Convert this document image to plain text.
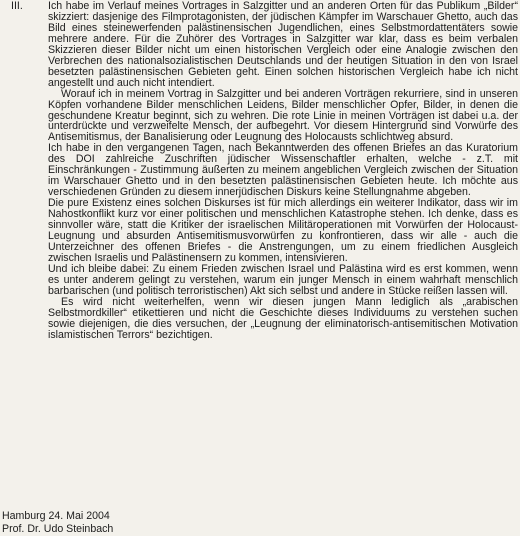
III. Ich habe im Verlauf meines Vortrages in Salzgitter und an anderen Orten für das Publikum „Bilder“ skizziert: dasjenige des Filmprotagonisten, der jüdischen Kämpfer im Warschauer Ghetto, auch das Bild eines steinewerfenden palästinensischen Jugendlichen, eines Selbstmordattentäters sowie mehrere andere. Für die Zuhörer des Vortrages in Salzgitter war klar, dass es beim verbalen Skizzieren dieser Bilder nicht um einen historischen Vergleich oder eine Analogie zwischen den Verbrechen des nationalsozialistischen Deutschlands und der heutigen Situation in den von Israel besetzten palästinensischen Gebieten geht. Einen solchen historischen Vergleich habe ich nicht angestellt und auch nicht intendiert.

Worauf ich in meinem Vortrag in Salzgitter und bei anderen Vorträgen rekurriere, sind in unseren Köpfen vorhandene Bilder menschlichen Leidens, Bilder menschlicher Opfer, Bilder, in denen die geschundene Kreatur beginnt, sich zu wehren. Die rote Linie in meinen Vorträgen ist dabei u.a. der unterdrückte und verzweifelte Mensch, der aufbegehrt. Vor diesem Hintergrund sind Vorwürfe des Antisemitismus, der Banalisierung oder Leugnung des Holocausts schlichtweg absurd.

Ich habe in den vergangenen Tagen, nach Bekanntwerden des offenen Briefes an das Kuratorium des DOI zahlreiche Zuschriften jüdischer Wissenschaftler erhalten, welche - z.T. mit Einschränkungen - Zustimmung äußerten zu meinem angeblichen Vergleich zwischen der Situation im Warschauer Ghetto und in den besetzten palästinensischen Gebieten heute. Ich möchte aus verschiedenen Gründen zu diesem innerjüdischen Diskurs keine Stellungnahme abgeben.

Die pure Existenz eines solchen Diskurses ist für mich allerdings ein weiterer Indikator, dass wir im Nahostkonflikt kurz vor einer politischen und menschlichen Katastrophe stehen. Ich denke, dass es sinnvoller wäre, statt die Kritiker der israelischen Militäroperationen mit Vorwürfen der Holocaust-Leugnung und absurden Antisemitismusvorwürfen zu konfrontieren, dass wir alle - auch die Unterzeichner des offenen Briefes - die Anstrengungen, um zu einem friedlichen Ausgleich zwischen Israelis und Palästinensern zu kommen, intensivieren.

Und ich bleibe dabei: Zu einem Frieden zwischen Israel und Palästina wird es erst kommen, wenn es unter anderem gelingt zu verstehen, warum ein junger Mensch in einem wahrhaft menschlich barbarischen (und politisch terroristischen) Akt sich selbst und andere in Stücke reißen lassen will.

Es wird nicht weiterhelfen, wenn wir diesen jungen Mann lediglich als „arabischen Selbstmordkiller“ etikettieren und nicht die Geschichte dieses Individuums zu verstehen suchen sowie diejenigen, die dies versuchen, der „Leugnung der eliminatorisch-antisemitischen Motivation islamistischen Terrors“ bezichtigen.

Hamburg 24. Mai 2004
Prof. Dr. Udo Steinbach
